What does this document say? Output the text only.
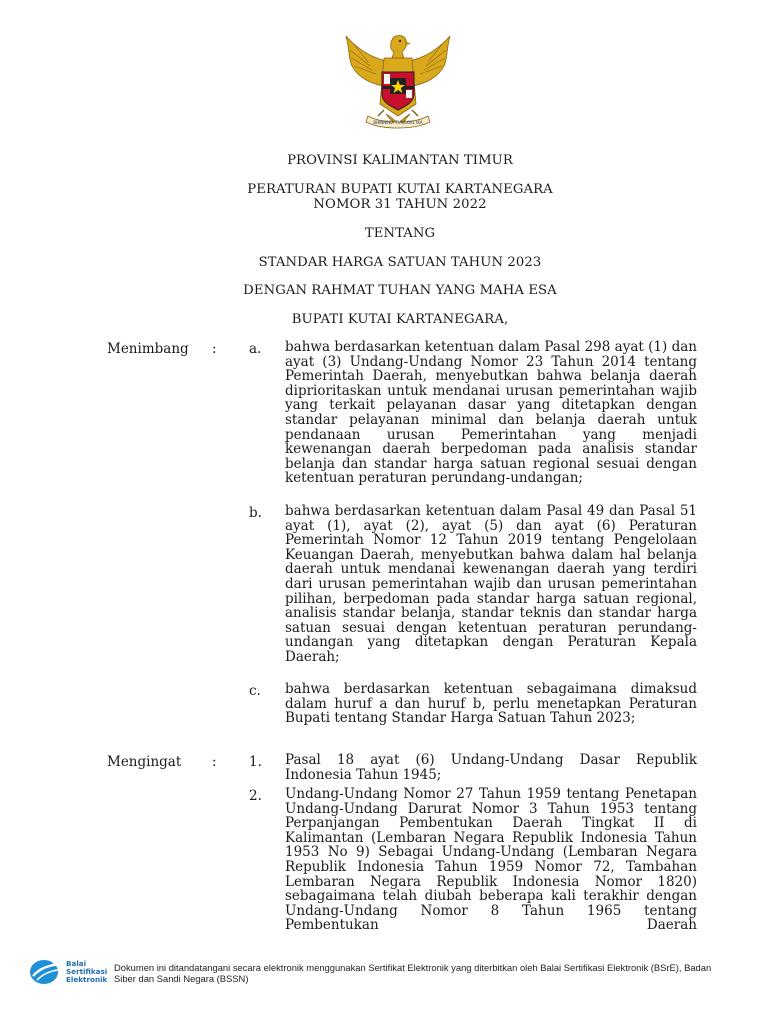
BHINNEKA TUNGGAL IKA
PROVINSI KALIMANTAN TIMUR
PERATURAN BUPATI KUTAI KARTANEGARA
NOMOR 31 TAHUN 2022
TENTANG
STANDAR HARGA SATUAN TAHUN 2023
DENGAN RAHMAT TUHAN YANG MAHA ESA
BUPATI KUTAI KARTANEGARA,
Menimbang : a. bahwa berdasarkan ketentuan dalam Pasal 298 ayat (1) dan ayat (3) Undang-Undang Nomor 23 Tahun 2014 tentang Pemerintah Daerah, menyebutkan bahwa belanja daerah diprioritaskan untuk mendanai urusan pemerintahan wajib yang terkait pelayanan dasar yang ditetapkan dengan standar pelayanan minimal dan belanja daerah untuk pendanaan urusan Pemerintahan yang menjadi kewenangan daerah berpedoman pada analisis standar belanja dan standar harga satuan regional sesuai dengan ketentuan peraturan perundang-undangan;
b. bahwa berdasarkan ketentuan dalam Pasal 49 dan Pasal 51 ayat (1), ayat (2), ayat (5) dan ayat (6) Peraturan Pemerintah Nomor 12 Tahun 2019 tentang Pengelolaan Keuangan Daerah, menyebutkan bahwa dalam hal belanja daerah untuk mendanai kewenangan daerah yang terdiri dari urusan pemerintahan wajib dan urusan pemerintahan pilihan, berpedoman pada standar harga satuan regional, analisis standar belanja, standar teknis dan standar harga satuan sesuai dengan ketentuan peraturan perundang-undangan yang ditetapkan dengan Peraturan Kepala Daerah;
c. bahwa berdasarkan ketentuan sebagaimana dimaksud dalam huruf a dan huruf b, perlu menetapkan Peraturan Bupati tentang Standar Harga Satuan Tahun 2023;
Mengingat : 1. Pasal 18 ayat (6) Undang-Undang Dasar Republik Indonesia Tahun 1945;
2. Undang-Undang Nomor 27 Tahun 1959 tentang Penetapan Undang-Undang Darurat Nomor 3 Tahun 1953 tentang Perpanjangan Pembentukan Daerah Tingkat II di Kalimantan (Lembaran Negara Republik Indonesia Tahun 1953 No 9) Sebagai Undang-Undang (Lembaran Negara Republik Indonesia Tahun 1959 Nomor 72, Tambahan Lembaran Negara Republik Indonesia Nomor 1820) sebagaimana telah diubah beberapa kali terakhir dengan Undang-Undang Nomor 8 Tahun 1965 tentang Pembentukan Daerah
Balai Sertifikasi Elektronik
Dokumen ini ditandatangani secara elektronik menggunakan Sertifikat Elektronik yang diterbitkan oleh Balai Sertifikasi Elektronik (BSrE), Badan Siber dan Sandi Negara (BSSN)
